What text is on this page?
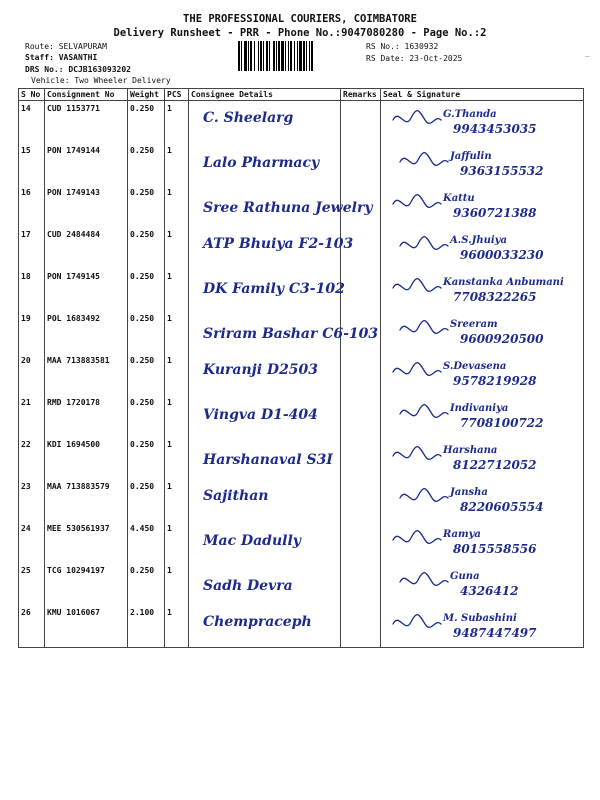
THE PROFESSIONAL COURIERS, COIMBATORE
Delivery Runsheet - PRR - Phone No.:9047080280 - Page No.:2
Route: SELVAPURAM
Staff: VASANTHI
DRS No.: DCJB163093202
Vehicle: Two Wheeler Delivery
RS No.: 1630932
RS Date: 23-Oct-2025
S No	Consignment No	Weight	PCS	Consignee Details	Remarks	Seal & Signature
14	CUD 1153771	0.250	1	C. Sheelarg		G.Thanda
9943453035

15	PON 1749144	0.250	1	Lalo Pharmacy		Jaffulin
9363155532

16	PON 1749143	0.250	1	Sree Rathuna Jewelry		Kattu
9360721388

17	CUD 2484484	0.250	1	ATP Bhuiya F2-103		A.S.Jhuiya
9600033230

18	PON 1749145	0.250	1	DK Family C3-102		Kanstanka Anbumani
7708322265

19	POL 1683492	0.250	1	Sriram Bashar C6-103		Sreeram
9600920500

20	MAA 713883581	0.250	1	Kuranji D2503		S.Devasena
9578219928

21	RMD 1720178	0.250	1	Vingva D1-404		Indivaniya
7708100722

22	KDI 1694500	0.250	1	Harshanaval S3I		Harshana
8122712052

23	MAA 713883579	0.250	1	Sajithan		Jansha
8220605554

24	MEE 530561937	4.450	1	Mac Dadully		Ramya
8015558556

25	TCG 10294197	0.250	1	Sadh Devra		Guna
4326412

26	KMU 1016067	2.100	1	Chempraceph		M. Subashini
9487447497
~
